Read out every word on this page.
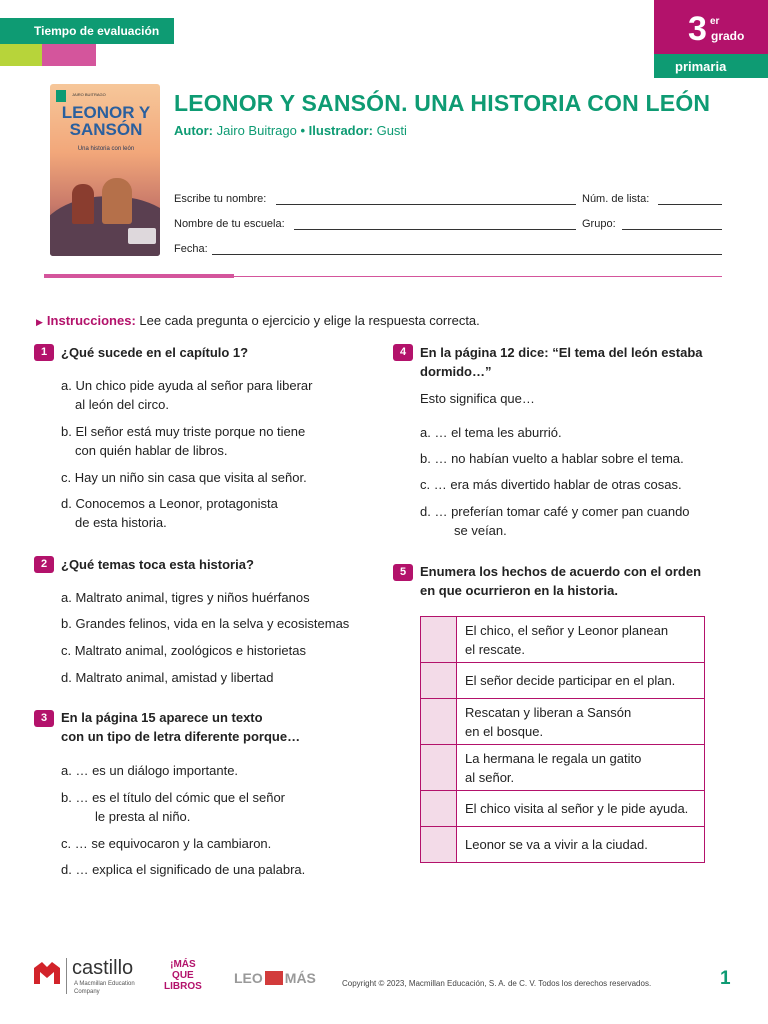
Tiempo de evaluación	3 er
grado
primaria
JAIRO BUITRAGO
LEONOR Y SANSÓN
Una historia con león
LEONOR Y SANSÓN. UNA HISTORIA CON LEÓN
Autor: Jairo Buitrago • Ilustrador: Gusti
Escribe tu nombre:	Núm. de lista:
Nombre de tu escuela:	Grupo:
Fecha:
▶ Instrucciones: Lee cada pregunta o ejercicio y elige la respuesta correcta.
1	¿Qué sucede en el capítulo 1?
a. Un chico pide ayuda al señor para liberar
al león del circo.
b. El señor está muy triste porque no tiene
con quién hablar de libros.
c. Hay un niño sin casa que visita al señor.
d. Conocemos a Leonor, protagonista
de esta historia.
2	¿Qué temas toca esta historia?
a. Maltrato animal, tigres y niños huérfanos
b. Grandes felinos, vida en la selva y ecosistemas
c. Maltrato animal, zoológicos e historietas
d. Maltrato animal, amistad y libertad
3	En la página 15 aparece un texto
con un tipo de letra diferente porque…
a. … es un diálogo importante.
b. … es el título del cómic que el señor
le presta al niño.
c. … se equivocaron y la cambiaron.
d. … explica el significado de una palabra.
4	En la página 12 dice: “El tema del león estaba
dormido…”
Esto significa que…
a. … el tema les aburrió.
b. … no habían vuelto a hablar sobre el tema.
c. … era más divertido hablar de otras cosas.
d. … preferían tomar café y comer pan cuando
se veían.
5	Enumera los hechos de acuerdo con el orden
en que ocurrieron en la historia.
	El chico, el señor y Leonor planean
el rescate.
	El señor decide participar en el plan.
	Rescatan y liberan a Sansón
en el bosque.
	La hermana le regala un gatito
al señor.
	El chico visita al señor y le pide ayuda.
	Leonor se va a vivir a la ciudad.
castillo
A Macmillan Education
Company
¡MÁS
QUE
LIBROS
LEO MÁS	Copyright © 2023, Macmillan Educación, S. A. de C. V. Todos los derechos reservados.	1
